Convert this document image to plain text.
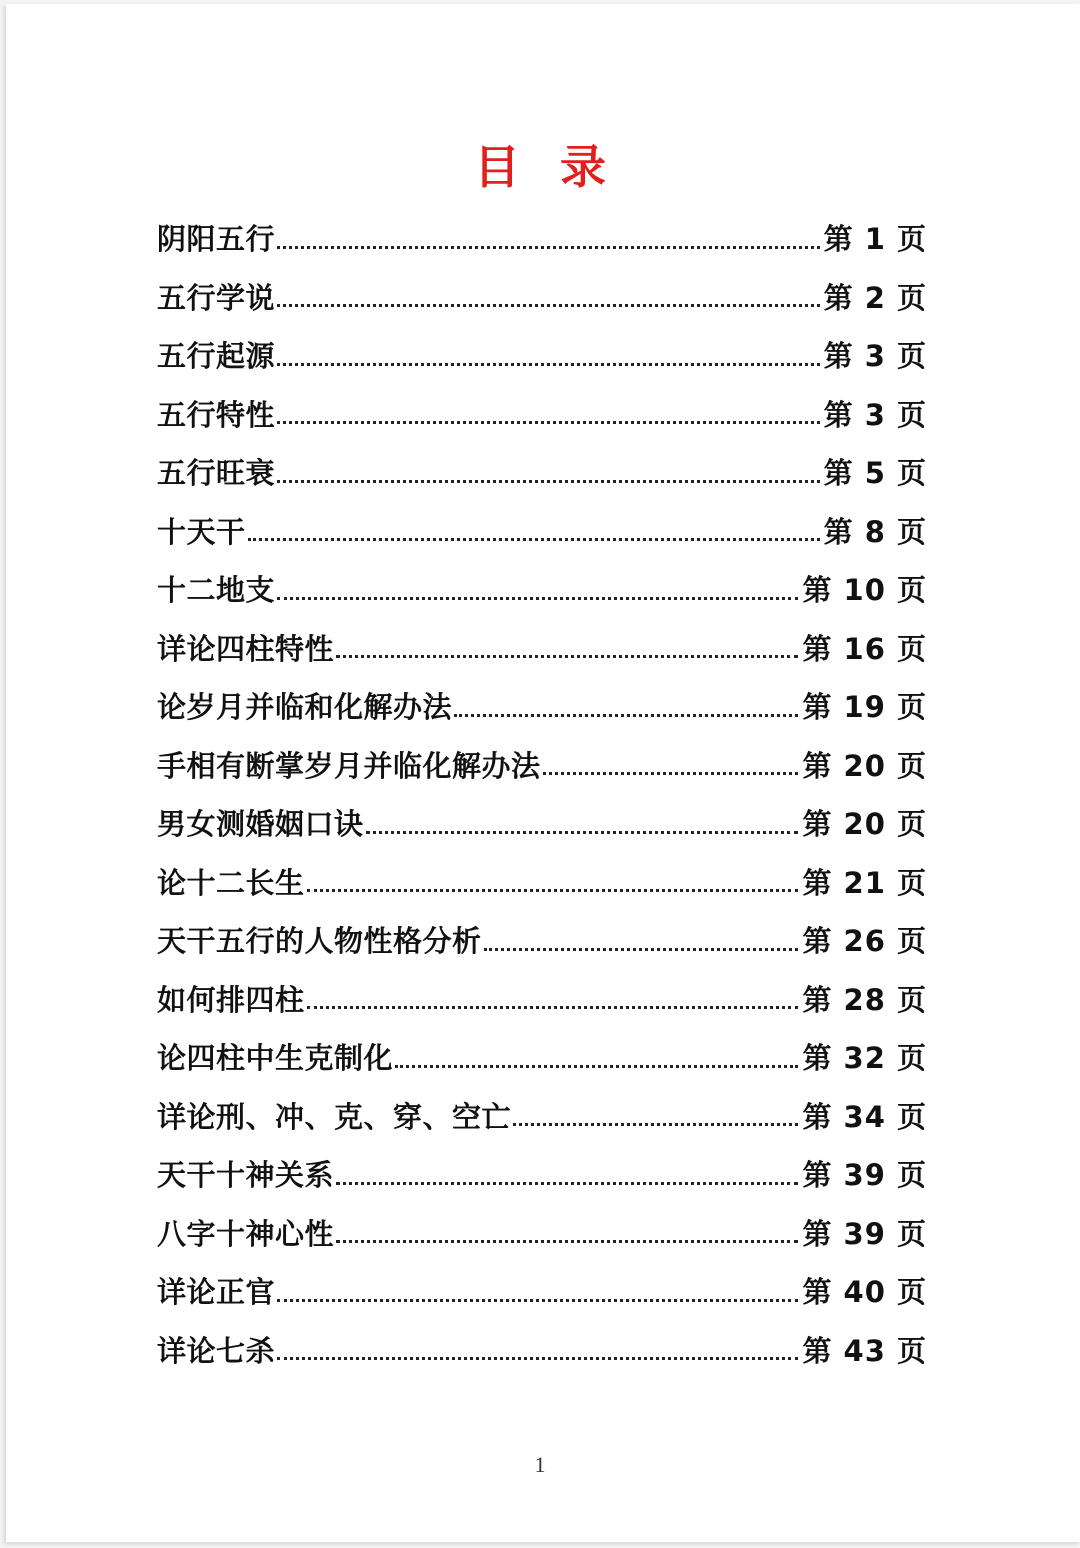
目录
阴阳五行	第 1 页
五行学说	第 2 页
五行起源	第 3 页
五行特性	第 3 页
五行旺衰	第 5 页
十天干	第 8 页
十二地支	第 10 页
详论四柱特性	第 16 页
论岁月并临和化解办法	第 19 页
手相有断掌岁月并临化解办法	第 20 页
男女测婚姻口诀	第 20 页
论十二长生	第 21 页
天干五行的人物性格分析	第 26 页
如何排四柱	第 28 页
论四柱中生克制化	第 32 页
详论刑、冲、克、穿、空亡	第 34 页
天干十神关系	第 39 页
八字十神心性	第 39 页
详论正官	第 40 页
详论七杀	第 43 页
1
